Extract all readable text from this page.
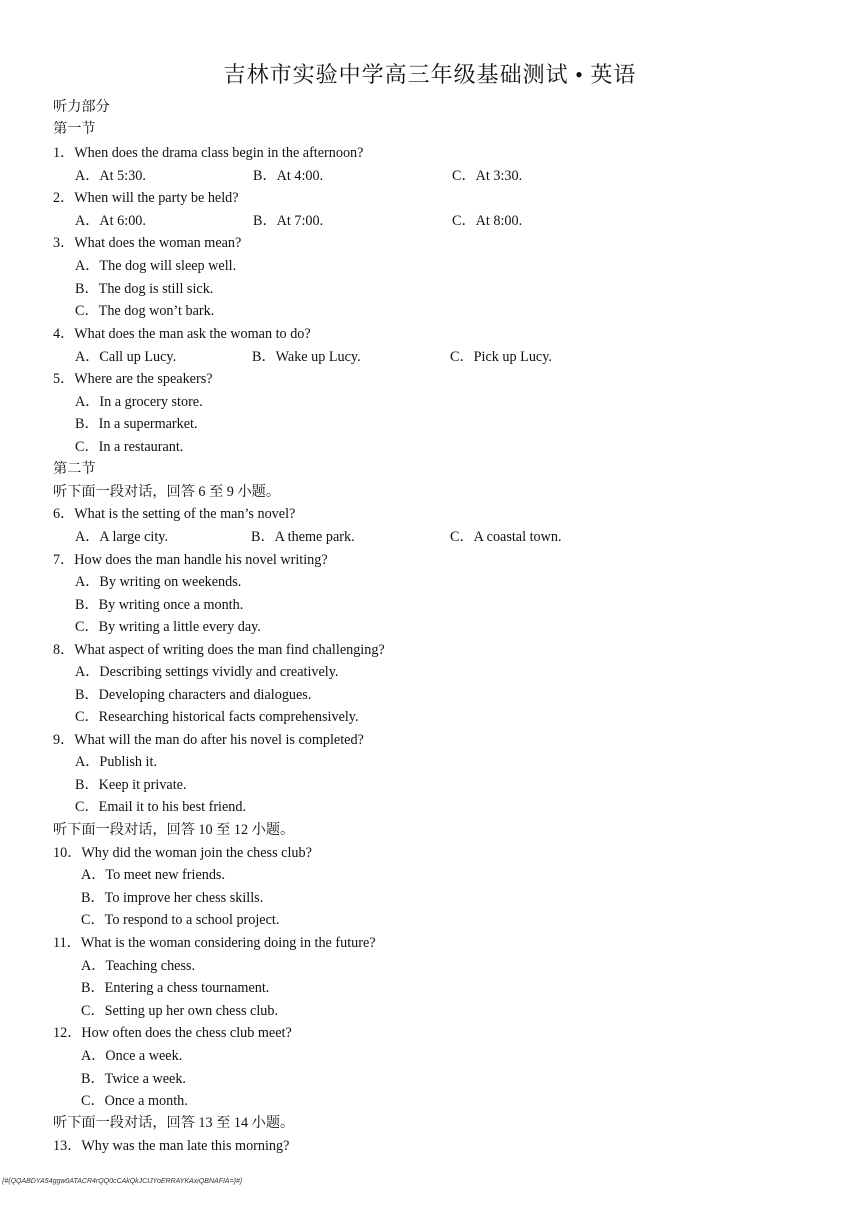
吉林市实验中学高三年级基础测试 • 英语
听力部分
第一节
1．When does the drama class begin in the afternoon?
A．At 5:30.	B．At 4:00.	C．At 3:30.
2．When will the party be held?
A．At 6:00.	B．At 7:00.	C．At 8:00.
3．What does the woman mean?
A．The dog will sleep well.
B．The dog is still sick.
C．The dog won’t bark.
4．What does the man ask the woman to do?
A．Call up Lucy.	B．Wake up Lucy.	C．Pick up Lucy.
5．Where are the speakers?
A．In a grocery store.
B．In a supermarket.
C．In a restaurant.
第二节
听下面一段对话，回答 6 至 9 小题。
6．What is the setting of the man’s novel?
A．A large city.	B．A theme park.	C．A coastal town.
7．How does the man handle his novel writing?
A．By writing on weekends.
B．By writing once a month.
C．By writing a little every day.
8．What aspect of writing does the man find challenging?
A．Describing settings vividly and creatively.
B．Developing characters and dialogues.
C．Researching historical facts comprehensively.
9．What will the man do after his novel is completed?
A．Publish it.
B．Keep it private.
C．Email it to his best friend.
听下面一段对话，回答 10 至 12 小题。
10．Why did the woman join the chess club?
A．To meet new friends.
B．To improve her chess skills.
C．To respond to a school project.
11．What is the woman considering doing in the future?
A．Teaching chess.
B．Entering a chess tournament.
C．Setting up her own chess club.
12．How often does the chess club meet?
A．Once a week.
B．Twice a week.
C．Once a month.
听下面一段对话，回答 13 至 14 小题。
13．Why was the man late this morning?
{#{QQABDYA54ggw0ATACR4rQQ0cCAkQkJCIJYoERRAYKAxiQBNAFIA=}#}
